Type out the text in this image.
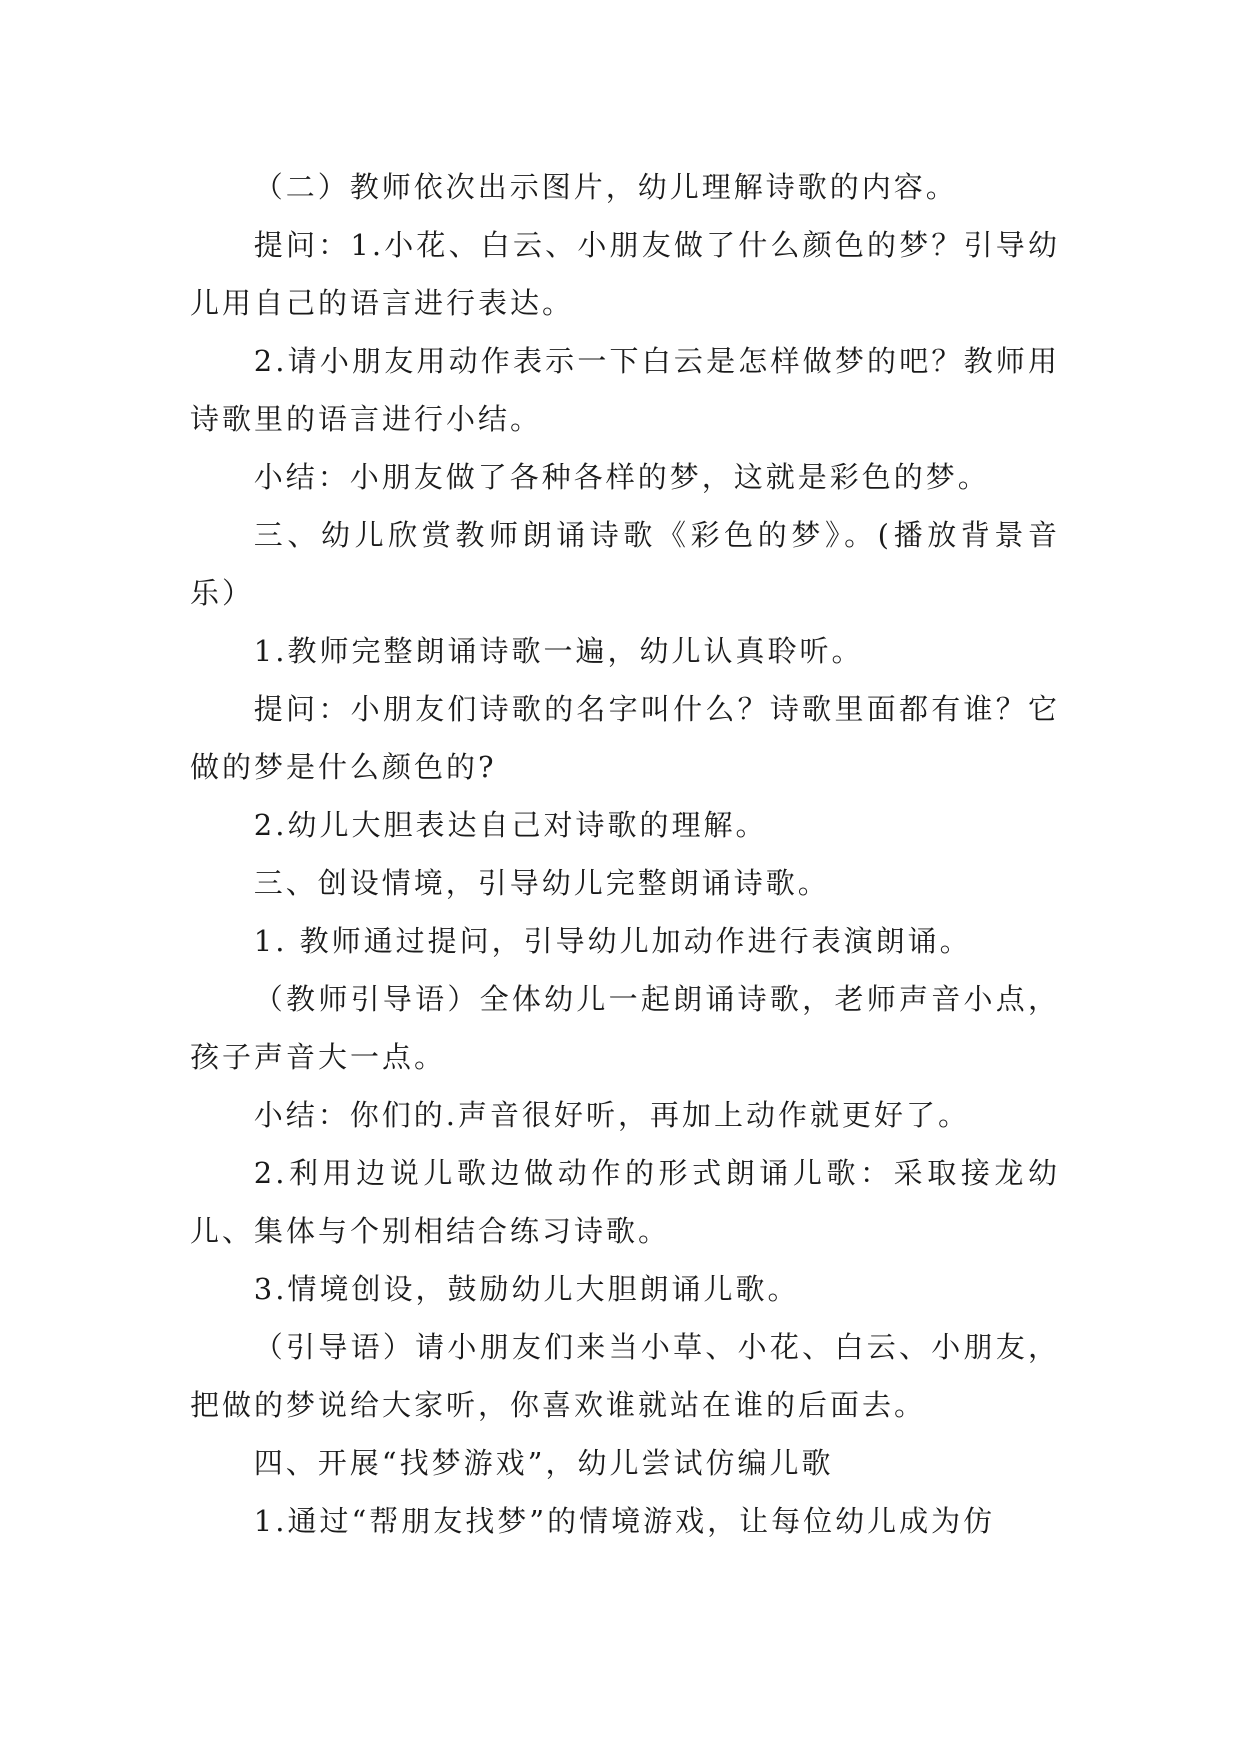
（二）教师依次出示图片，幼儿理解诗歌的内容。

提问：1.小花、白云、小朋友做了什么颜色的梦？引导幼儿用自己的语言进行表达。

2.请小朋友用动作表示一下白云是怎样做梦的吧？教师用诗歌里的语言进行小结。

小结：小朋友做了各种各样的梦，这就是彩色的梦。

三、幼儿欣赏教师朗诵诗歌《彩色的梦》。(播放背景音乐）

1.教师完整朗诵诗歌一遍，幼儿认真聆听。

提问：小朋友们诗歌的名字叫什么？诗歌里面都有谁？它做的梦是什么颜色的?

2.幼儿大胆表达自己对诗歌的理解。

三、创设情境，引导幼儿完整朗诵诗歌。

1. 教师通过提问，引导幼儿加动作进行表演朗诵。

（教师引导语）全体幼儿一起朗诵诗歌，老师声音小点，孩子声音大一点。

小结：你们的.声音很好听，再加上动作就更好了。

2.利用边说儿歌边做动作的形式朗诵儿歌：采取接龙幼儿、集体与个别相结合练习诗歌。

3.情境创设，鼓励幼儿大胆朗诵儿歌。

（引导语）请小朋友们来当小草、小花、白云、小朋友，把做的梦说给大家听，你喜欢谁就站在谁的后面去。

四、开展“找梦游戏”，幼儿尝试仿编儿歌

1.通过“帮朋友找梦”的情境游戏，让每位幼儿成为仿
